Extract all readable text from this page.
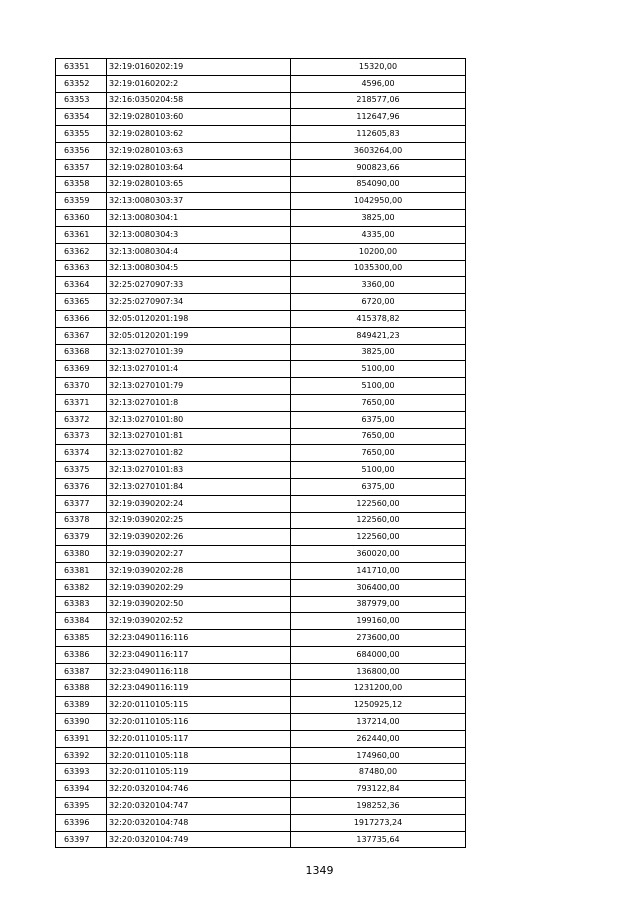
63351	32:19:0160202:19	15320,00
63352	32:19:0160202:2	4596,00
63353	32:16:0350204:58	218577,06
63354	32:19:0280103:60	112647,96
63355	32:19:0280103:62	112605,83
63356	32:19:0280103:63	3603264,00
63357	32:19:0280103:64	900823,66
63358	32:19:0280103:65	854090,00
63359	32:13:0080303:37	1042950,00
63360	32:13:0080304:1	3825,00
63361	32:13:0080304:3	4335,00
63362	32:13:0080304:4	10200,00
63363	32:13:0080304:5	1035300,00
63364	32:25:0270907:33	3360,00
63365	32:25:0270907:34	6720,00
63366	32:05:0120201:198	415378,82
63367	32:05:0120201:199	849421,23
63368	32:13:0270101:39	3825,00
63369	32:13:0270101:4	5100,00
63370	32:13:0270101:79	5100,00
63371	32:13:0270101:8	7650,00
63372	32:13:0270101:80	6375,00
63373	32:13:0270101:81	7650,00
63374	32:13:0270101:82	7650,00
63375	32:13:0270101:83	5100,00
63376	32:13:0270101:84	6375,00
63377	32:19:0390202:24	122560,00
63378	32:19:0390202:25	122560,00
63379	32:19:0390202:26	122560,00
63380	32:19:0390202:27	360020,00
63381	32:19:0390202:28	141710,00
63382	32:19:0390202:29	306400,00
63383	32:19:0390202:50	387979,00
63384	32:19:0390202:52	199160,00
63385	32:23:0490116:116	273600,00
63386	32:23:0490116:117	684000,00
63387	32:23:0490116:118	136800,00
63388	32:23:0490116:119	1231200,00
63389	32:20:0110105:115	1250925,12
63390	32:20:0110105:116	137214,00
63391	32:20:0110105:117	262440,00
63392	32:20:0110105:118	174960,00
63393	32:20:0110105:119	87480,00
63394	32:20:0320104:746	793122,84
63395	32:20:0320104:747	198252,36
63396	32:20:0320104:748	1917273,24
63397	32:20:0320104:749	137735,64
1349
